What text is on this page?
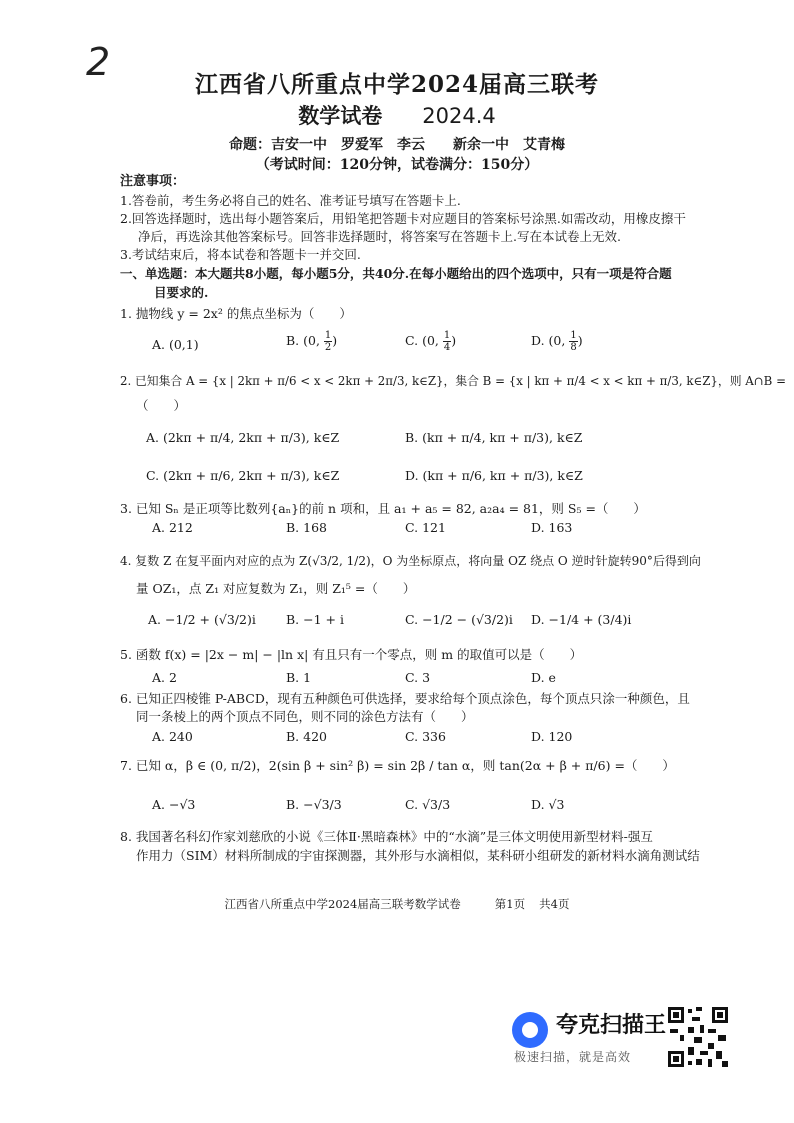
2
江西省八所重点中学2024届高三联考
数学试卷 2024.4
命题：吉安一中　罗爱军　李云　　新余一中　艾青梅
（考试时间：120分钟，试卷满分：150分）
注意事项：
1.答卷前，考生务必将自己的姓名、准考证号填写在答题卡上.
2.回答选择题时，选出每小题答案后，用铅笔把答题卡对应题目的答案标号涂黑.如需改动，用橡皮擦干
净后，再选涂其他答案标号。回答非选择题时，将答案写在答题卡上.写在本试卷上无效.
3.考试结束后，将本试卷和答题卡一并交回.
一、单选题：本大题共8小题，每小题5分，共40分.在每小题给出的四个选项中，只有一项是符合题
目要求的.
1. 抛物线 y = 2x² 的焦点坐标为（　　）
A. (0,1)	B. (0, $\frac{1}{2}$ )	C. (0, $\frac{1}{4}$ )	D. (0, $\frac{1}{8}$ )
2. 已知集合 A = {x | 2kπ + π/6 < x < 2kπ + 2π/3, k∈Z}，集合 B = {x | kπ + π/4 < x < kπ + π/3, k∈Z}，则 A∩B =
（　　）
A. (2kπ + π/4, 2kπ + π/3), k∈Z	B. (kπ + π/4, kπ + π/3), k∈Z
C. (2kπ + π/6, 2kπ + π/3), k∈Z	D. (kπ + π/6, kπ + π/3), k∈Z
3. 已知 Sₙ 是正项等比数列{aₙ}的前 n 项和，且 a₁ + a₅ = 82, a₂a₄ = 81，则 S₅ =（　　）
A. 212	B. 168	C. 121	D. 163
4. 复数 Z 在复平面内对应的点为 Z(√3/2, 1/2)，O 为坐标原点，将向量 OZ 绕点 O 逆时针旋转90°后得到向
量 OZ₁，点 Z₁ 对应复数为 Z₁，则 Z₁⁵ =（　　）
A. −1/2 + (√3/2)i B. −1 + i	C. −1/2 − (√3/2)i D. −1/4 + (3/4)i
5. 函数 f(x) = |2x − m| − |ln x| 有且只有一个零点，则 m 的取值可以是（　　）
A. 2	B. 1	C. 3	D. e
6. 已知正四棱锥 P-ABCD，现有五种颜色可供选择，要求给每个顶点涂色，每个顶点只涂一种颜色，且
同一条棱上的两个顶点不同色，则不同的涂色方法有（　　）
A. 240	B. 420	C. 336	D. 120
7. 已知 α，β ∈ (0, π/2)，2(sin β + sin² β) = sin 2β / tan α，则 tan(2α + β + π/6) =（　　）
A. −√3	B. −√3/3	C. √3/3	D. √3
8. 我国著名科幻作家刘慈欣的小说《三体Ⅱ·黑暗森林》中的“水滴”是三体文明使用新型材料-强互
作用力（SIM）材料所制成的宇宙探测器，其外形与水滴相似，某科研小组研发的新材料水滴角测试结
江西省八所重点中学2024届高三联考数学试卷	第1页 共4页
夸克扫描王
极速扫描，就是高效
